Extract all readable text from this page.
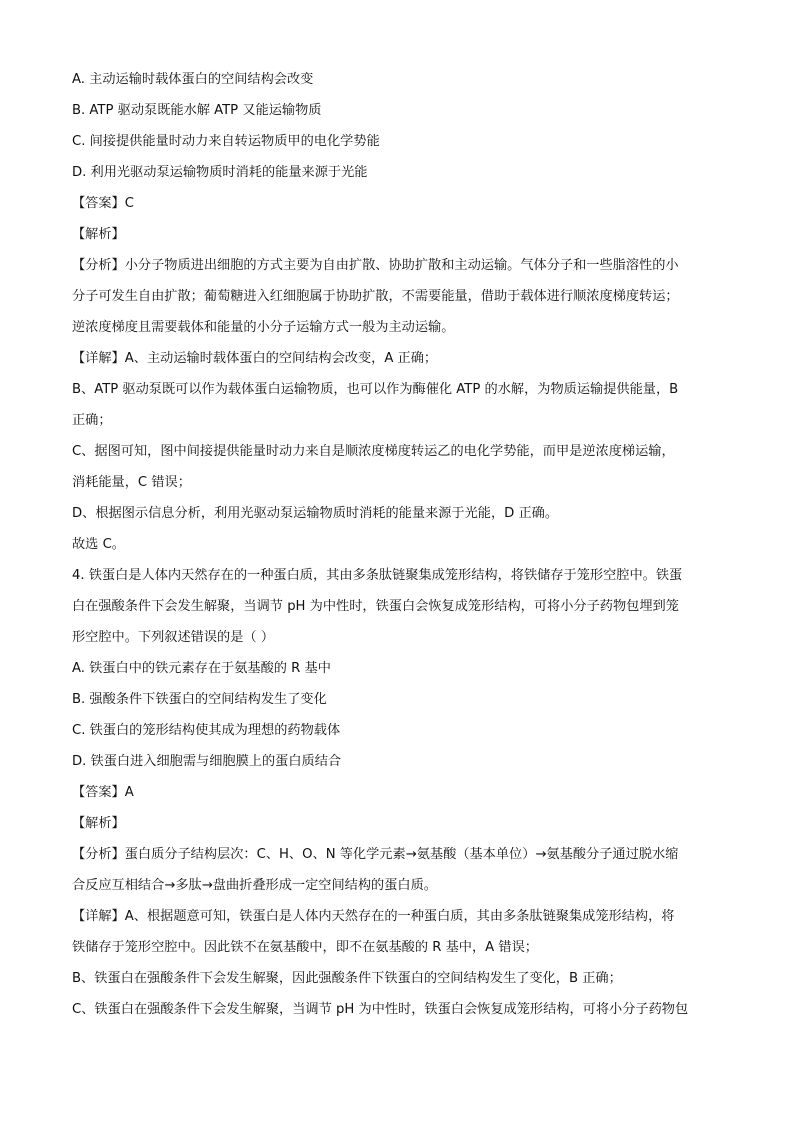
A. 主动运输时载体蛋白的空间结构会改变
B. ATP 驱动泵既能水解 ATP 又能运输物质
C. 间接提供能量时动力来自转运物质甲的电化学势能
D. 利用光驱动泵运输物质时消耗的能量来源于光能
【答案】C
【解析】
【分析】小分子物质进出细胞的方式主要为自由扩散、协助扩散和主动运输。气体分子和一些脂溶性的小
分子可发生自由扩散；葡萄糖进入红细胞属于协助扩散，不需要能量，借助于载体进行顺浓度梯度转运；
逆浓度梯度且需要载体和能量的小分子运输方式一般为主动运输。
【详解】A、主动运输时载体蛋白的空间结构会改变，A 正确；
B、ATP 驱动泵既可以作为载体蛋白运输物质，也可以作为酶催化 ATP 的水解，为物质运输提供能量，B
正确；
C、据图可知，图中间接提供能量时动力来自是顺浓度梯度转运乙的电化学势能，而甲是逆浓度梯运输，
消耗能量，C 错误；
D、根据图示信息分析，利用光驱动泵运输物质时消耗的能量来源于光能，D 正确。
故选 C。
4. 铁蛋白是人体内天然存在的一种蛋白质，其由多条肽链聚集成笼形结构，将铁储存于笼形空腔中。铁蛋
白在强酸条件下会发生解聚，当调节 pH 为中性时，铁蛋白会恢复成笼形结构，可将小分子药物包埋到笼
形空腔中。下列叙述错误的是（ ）
A. 铁蛋白中的铁元素存在于氨基酸的 R 基中
B. 强酸条件下铁蛋白的空间结构发生了变化
C. 铁蛋白的笼形结构使其成为理想的药物载体
D. 铁蛋白进入细胞需与细胞膜上的蛋白质结合
【答案】A
【解析】
【分析】蛋白质分子结构层次：C、H、O、N 等化学元素→氨基酸（基本单位）→氨基酸分子通过脱水缩
合反应互相结合→多肽→盘曲折叠形成一定空间结构的蛋白质。
【详解】A、根据题意可知，铁蛋白是人体内天然存在的一种蛋白质，其由多条肽链聚集成笼形结构，将
铁储存于笼形空腔中。因此铁不在氨基酸中，即不在氨基酸的 R 基中，A 错误；
B、铁蛋白在强酸条件下会发生解聚，因此强酸条件下铁蛋白的空间结构发生了变化，B 正确；
C、铁蛋白在强酸条件下会发生解聚，当调节 pH 为中性时，铁蛋白会恢复成笼形结构，可将小分子药物包
